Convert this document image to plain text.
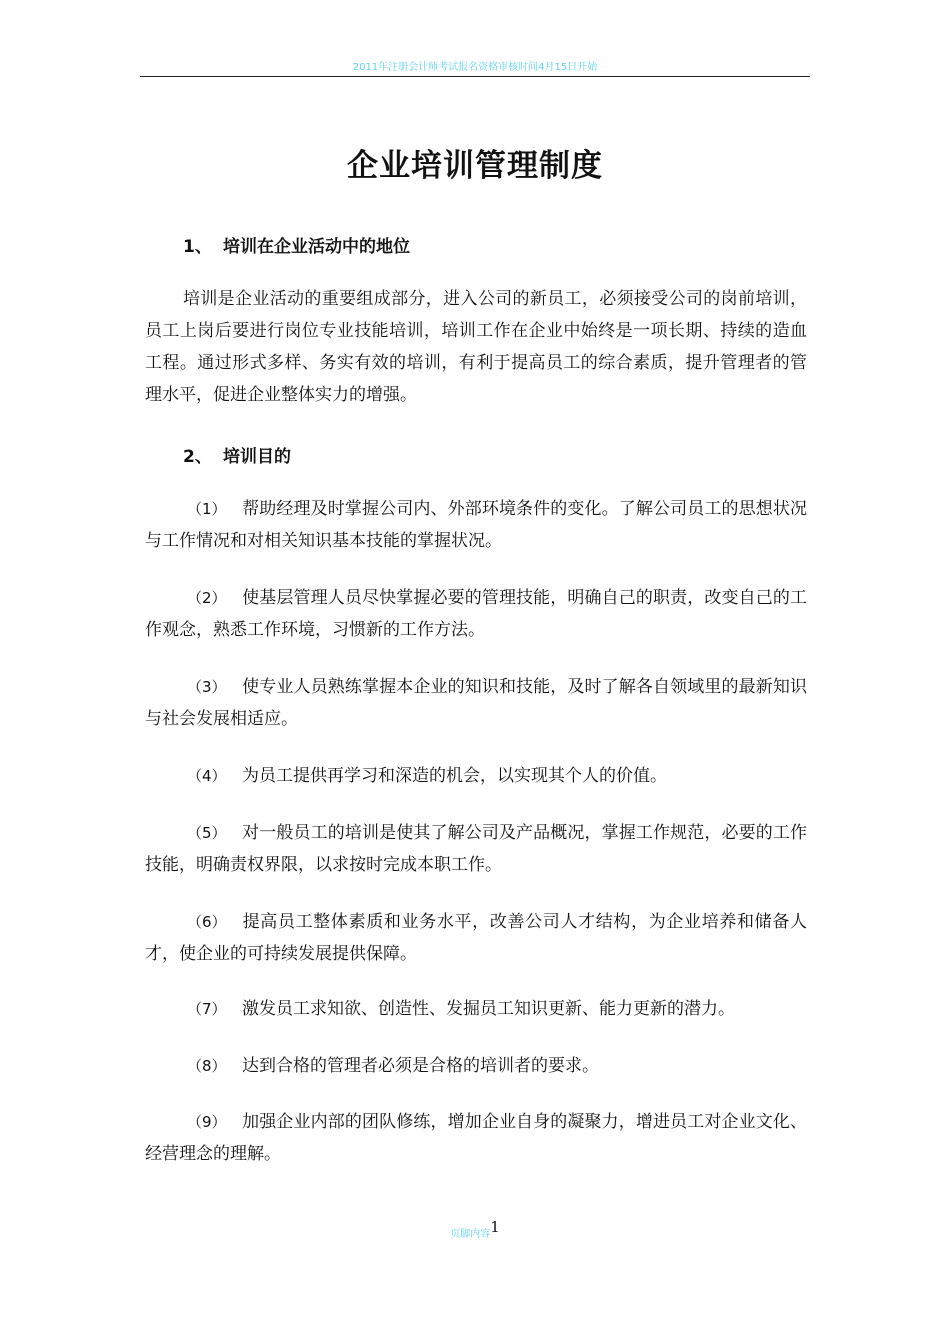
2011年注册会计师考试报名资格审核时间4月15日开始
企业培训管理制度
1、 培训在企业活动中的地位
培训是企业活动的重要组成部分，进入公司的新员工，必须接受公司的岗前培训，员工上岗后要进行岗位专业技能培训，培训工作在企业中始终是一项长期、持续的造血工程。通过形式多样、务实有效的培训，有利于提高员工的综合素质，提升管理者的管理水平，促进企业整体实力的增强。
2、 培训目的
（1） 帮助经理及时掌握公司内、外部环境条件的变化。了解公司员工的思想状况与工作情况和对相关知识基本技能的掌握状况。
（2） 使基层管理人员尽快掌握必要的管理技能，明确自己的职责，改变自己的工作观念，熟悉工作环境，习惯新的工作方法。
（3） 使专业人员熟练掌握本企业的知识和技能，及时了解各自领域里的最新知识与社会发展相适应。
（4） 为员工提供再学习和深造的机会，以实现其个人的价值。
（5） 对一般员工的培训是使其了解公司及产品概况，掌握工作规范，必要的工作技能，明确责权界限，以求按时完成本职工作。
（6） 提高员工整体素质和业务水平，改善公司人才结构，为企业培养和储备人才，使企业的可持续发展提供保障。
（7） 激发员工求知欲、创造性、发掘员工知识更新、能力更新的潜力。
（8） 达到合格的管理者必须是合格的培训者的要求。
（9） 加强企业内部的团队修练，增加企业自身的凝聚力，增进员工对企业文化、经营理念的理解。
页脚内容1
